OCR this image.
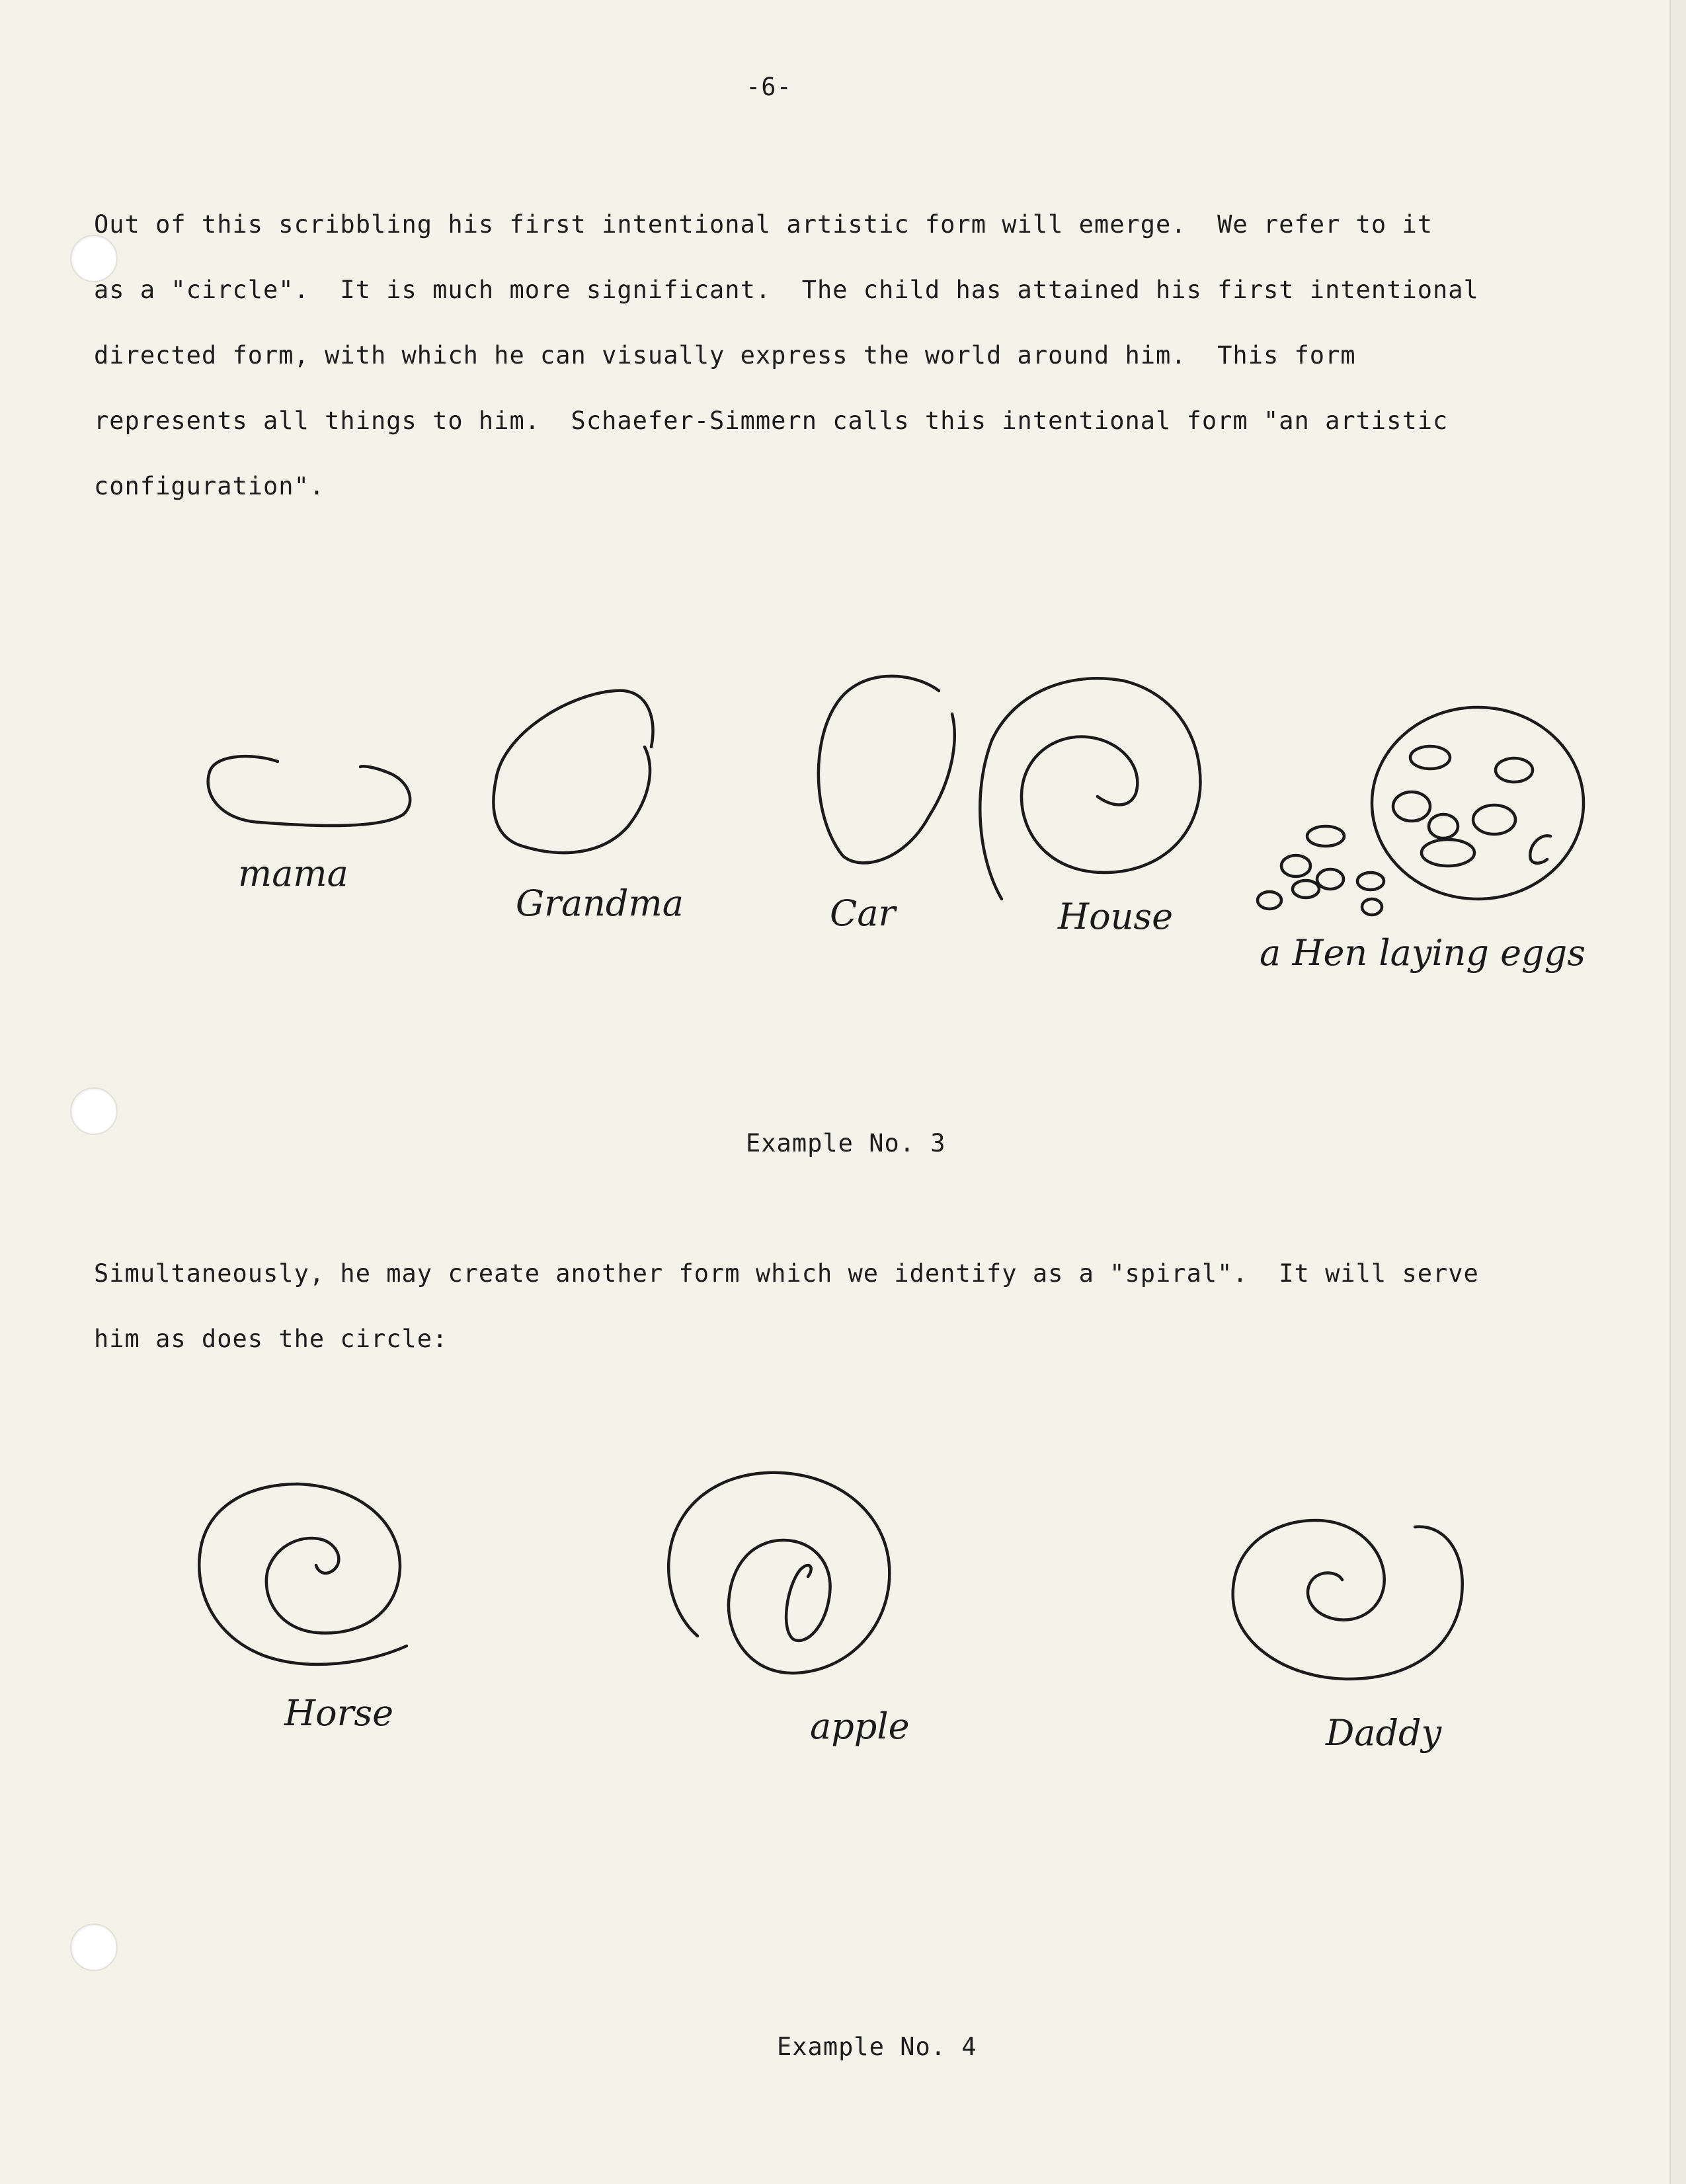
-6-

Out of this scribbling his first intentional artistic form will emerge.  We refer to it

as a "circle".  It is much more significant.  The child has attained his first intentional

directed form, with which he can visually express the world around him.  This form

represents all things to him.  Schaefer-Simmern calls this intentional form "an artistic

configuration".

mama
Grandma	Car	House
a Hen laying eggs
Example No. 3

Simultaneously, he may create another form which we identify as a "spiral".  It will serve

him as does the circle:

Horse	apple	Daddy
Example No. 4
